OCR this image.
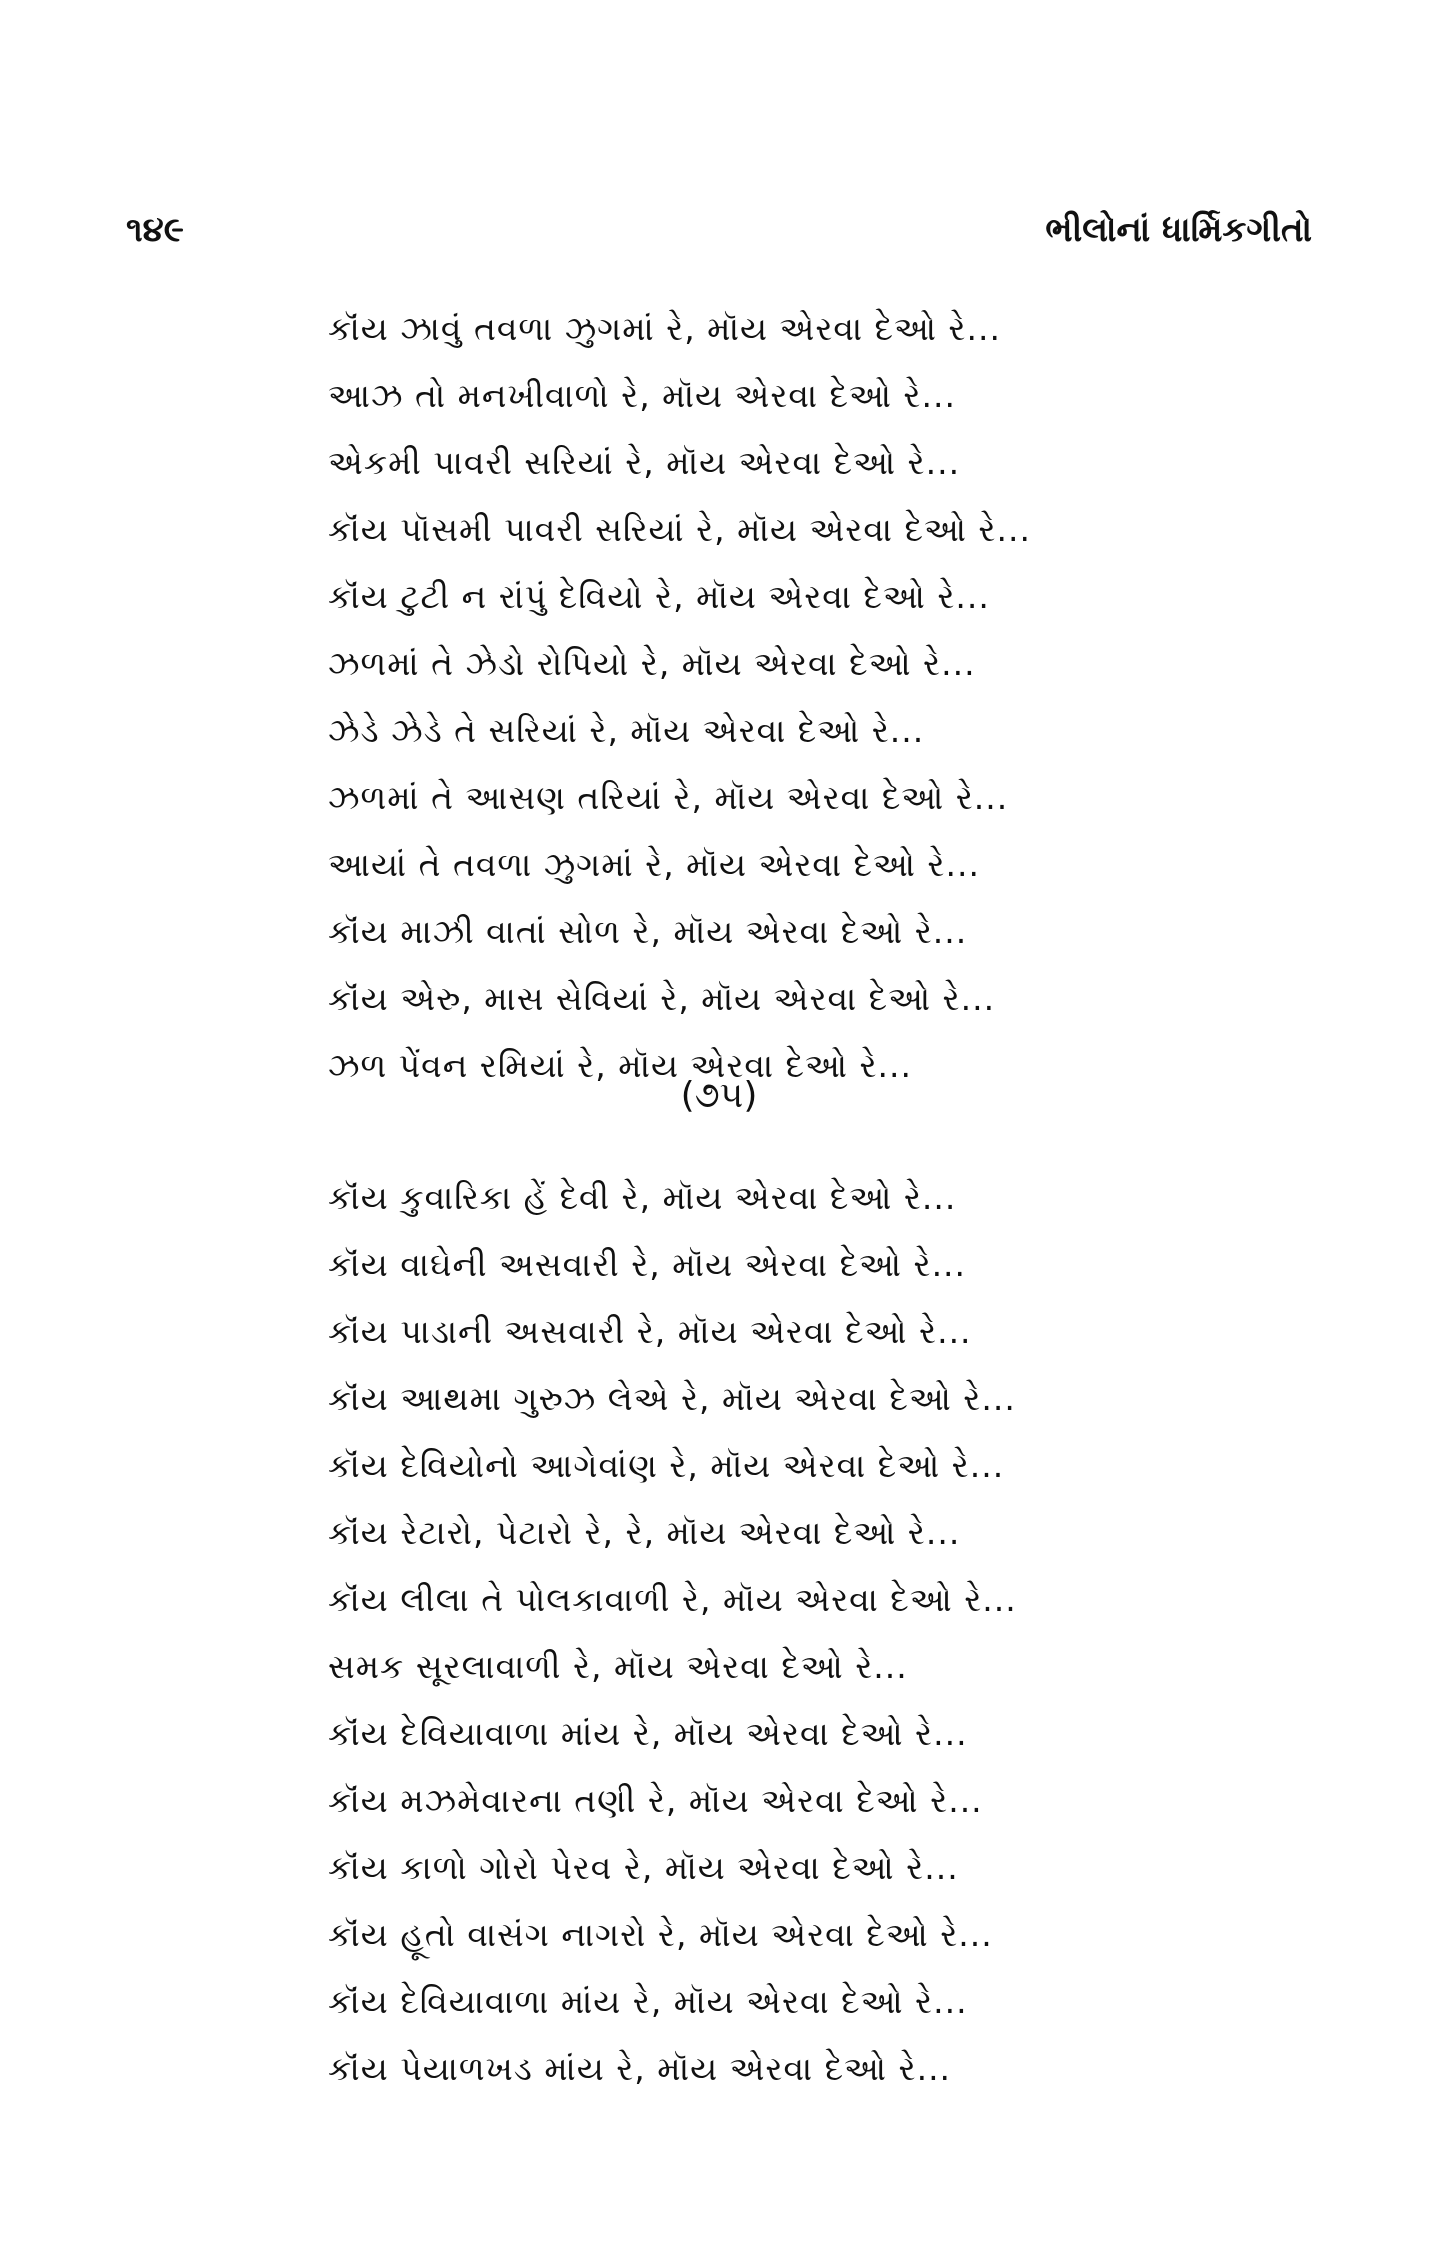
૧૪૯	ભીલોનાં ધાર્મિકગીતો
કૉંય ઝાવું તવળા ઝુગમાં રે, મૉય એરવા દેઓ રે...
આઝ તો મનખીવાળો રે, મૉય એરવા દેઓ રે...
એકમી પાવરી સરિયાં રે, મૉય એરવા દેઓ રે...
કૉંય પૉસમી પાવરી સરિયાં રે, મૉય એરવા દેઓ રે...
કૉંય ટુટી ન રાંપું દેવિયો રે, મૉય એરવા દેઓ રે...
ઝળમાં તે ઝેડો રોપિયો રે, મૉય એરવા દેઓ રે...
ઝેડે ઝેડે તે સરિયાં રે, મૉય એરવા દેઓ રે...
ઝળમાં તે આસણ તરિયાં રે, મૉય એરવા દેઓ રે...
આયાં તે તવળા ઝુગમાં રે, મૉય એરવા દેઓ રે...
કૉંય માઝી વાતાં સોળ રે, મૉય એરવા દેઓ રે...
કૉંય એરુ, માસ સેવિયાં રે, મૉય એરવા દેઓ રે...
ઝળ પેંવન રમિયાં રે, મૉય એરવા દેઓ રે...
(૭૫)
કૉંય કુવારિકા હેં દેવી રે, મૉય એરવા દેઓ રે...
કૉંય વાઘેની અસવારી રે, મૉય એરવા દેઓ રે...
કૉંય પાડાની અસવારી રે, મૉય એરવા દેઓ રે...
કૉંય આથમા ગુરુઝ લેએ રે, મૉય એરવા દેઓ રે...
કૉંય દેવિયોનો આગેવાંણ રે, મૉય એરવા દેઓ રે...
કૉંય રેટારો, પેટારો રે, રે, મૉય એરવા દેઓ રે...
કૉંય લીલા તે પોલકાવાળી રે, મૉય એરવા દેઓ રે...
સમક સૂરલાવાળી રે, મૉય એરવા દેઓ રે...
કૉંય દેવિયાવાળા માંય રે, મૉય એરવા દેઓ રે...
કૉંય મઝમેવારના તણી રે, મૉય એરવા દેઓ રે...
કૉંય કાળો ગોરો પેરવ રે, મૉય એરવા દેઓ રે...
કૉંય હૂતો વાસંગ નાગરો રે, મૉય એરવા દેઓ રે...
કૉંય દેવિયાવાળા માંય રે, મૉય એરવા દેઓ રે...
કૉંય પેયાળખડ માંય રે, મૉય એરવા દેઓ રે...
